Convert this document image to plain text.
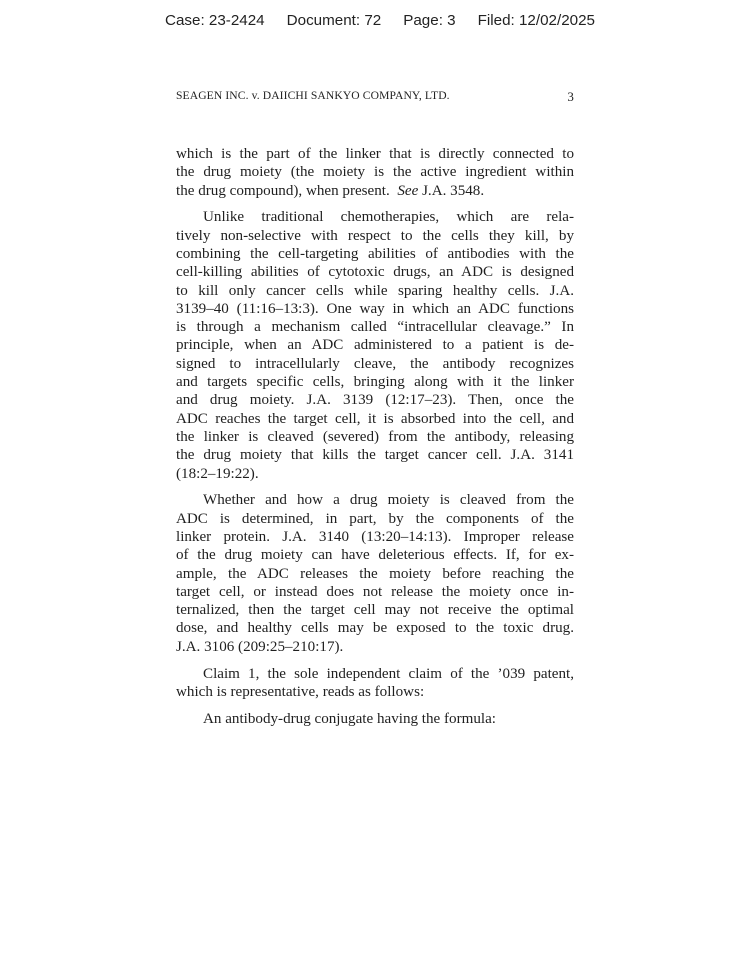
Case: 23-2424 Document: 72 Page: 3 Filed: 12/02/2025
SEAGEN INC. v. DAIICHI SANKYO COMPANY, LTD.	3

which is the part of the linker that is directly connected to
the drug moiety (the moiety is the active ingredient within
the drug compound), when present. See J.A. 3548.

Unlike traditional chemotherapies, which are rela-
tively non-selective with respect to the cells they kill, by
combining the cell-targeting abilities of antibodies with the
cell-killing abilities of cytotoxic drugs, an ADC is designed
to kill only cancer cells while sparing healthy cells. J.A.
3139–40 (11:16–13:3). One way in which an ADC functions
is through a mechanism called “intracellular cleavage.” In
principle, when an ADC administered to a patient is de-
signed to intracellularly cleave, the antibody recognizes
and targets specific cells, bringing along with it the linker
and drug moiety. J.A. 3139 (12:17–23). Then, once the
ADC reaches the target cell, it is absorbed into the cell, and
the linker is cleaved (severed) from the antibody, releasing
the drug moiety that kills the target cancer cell. J.A. 3141
(18:2–19:22).

Whether and how a drug moiety is cleaved from the
ADC is determined, in part, by the components of the
linker protein. J.A. 3140 (13:20–14:13). Improper release
of the drug moiety can have deleterious effects. If, for ex-
ample, the ADC releases the moiety before reaching the
target cell, or instead does not release the moiety once in-
ternalized, then the target cell may not receive the optimal
dose, and healthy cells may be exposed to the toxic drug.
J.A. 3106 (209:25–210:17).

Claim 1, the sole independent claim of the ’039 patent,
which is representative, reads as follows:

An antibody-drug conjugate having the formula:
